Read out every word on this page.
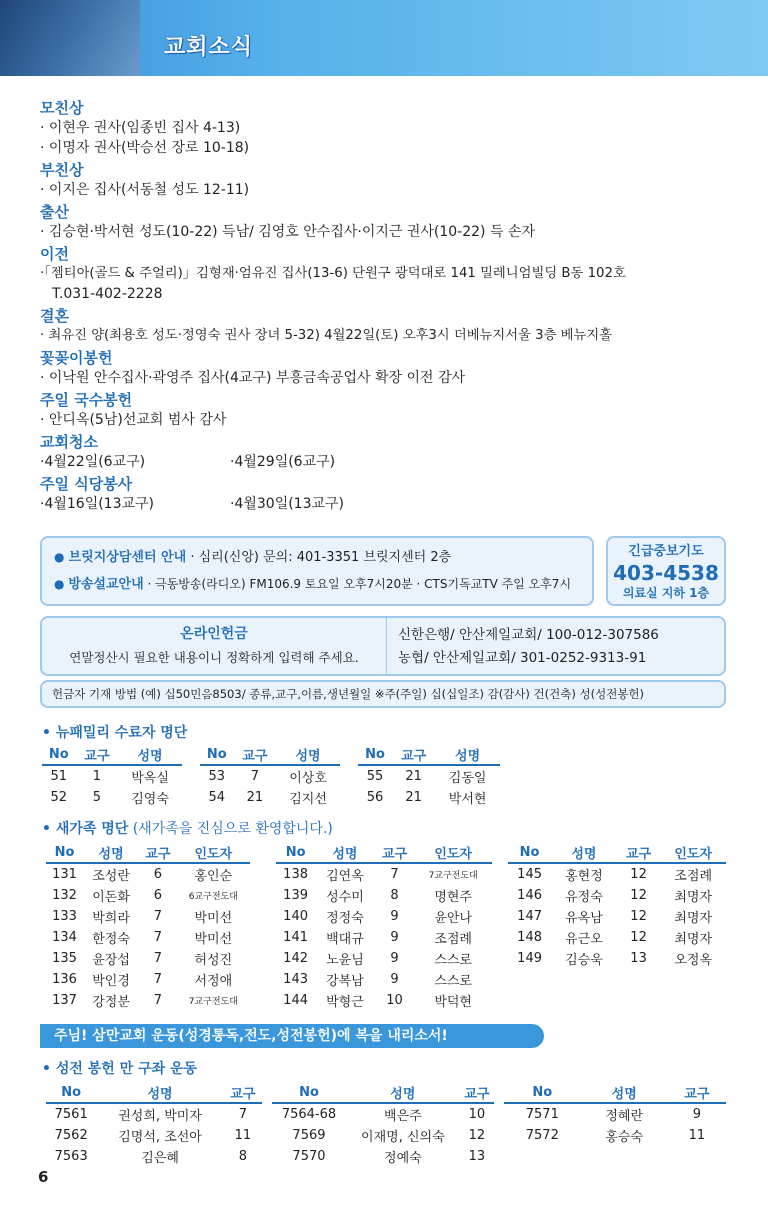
교회소식
모친상
· 이현우 권사(임종빈 집사 4-13)
· 이명자 권사(박승선 장로 10-18)
부친상
· 이지은 집사(서동철 성도 12-11)
출산
· 김승현·박서현 성도(10-22) 득남/ 김영호 안수집사·이지근 권사(10-22) 득 손자
이전
·「젬티아(골드 & 주얼리)」김형재·엄유진 집사(13-6) 단원구 광덕대로 141 밀레니엄빌딩 B동 102호
T.031-402-2228
결혼
· 최유진 양(최용호 성도·정영숙 권사 장녀 5-32) 4월22일(토) 오후3시 더베뉴지서울 3층 베뉴지홀
꽃꽂이봉헌
· 이낙원 안수집사·곽영주 집사(4교구) 부흥금속공업사 확장 이전 감사
주일 국수봉헌
· 안디옥(5남)선교회 범사 감사
교회청소
·4월22일(6교구)	·4월29일(6교구)
주일 식당봉사
·4월16일(13교구)	·4월30일(13교구)
● 브릿지상담센터 안내 · 심리(신앙) 문의: 401-3351 브릿지센터 2층
● 방송설교안내 · 극동방송(라디오) FM106.9 토요일 오후7시20분 · CTS기독교TV 주일 오후7시
긴급중보기도
403-4538
의료실 지하 1층
온라인헌금
연말정산시 필요한 내용이니 정확하게 입력해 주세요.
신한은행/ 안산제일교회/ 100-012-307586
농협/ 안산제일교회/ 301-0252-9313-91
헌금자 기재 방법 (예) 십50민음8503/ 종류,교구,이름,생년월일 ※주(주일) 십(십일조) 감(감사) 건(건축) 성(성전봉헌)
• 뉴패밀리 수료자 명단
No	교구	성명
51	1	박옥실
52	5	김영숙
No	교구	성명
53	7	이상호
54	21	김지선
No	교구	성명
55	21	김동일
56	21	박서현
• 새가족 명단 (새가족을 진심으로 환영합니다.)
No	성명	교구	인도자
131	조성란	6	홍인순
132	이돈화	6	6교구전도대
133	박희라	7	박미선
134	한정숙	7	박미선
135	윤장섭	7	허성진
136	박인경	7	서정애
137	강정분	7	7교구전도대
No	성명	교구	인도자
138	김연옥	7	7교구전도대
139	성수미	8	명현주
140	정정숙	9	윤안나
141	백대규	9	조점례
142	노윤님	9	스스로
143	강복남	9	스스로
144	박형근	10	박덕현
No	성명	교구	인도자
145	홍현정	12	조점례
146	유정숙	12	최명자
147	유옥남	12	최명자
148	유근오	12	최명자
149	김승욱	13	오정옥
주님! 삼만교회 운동(성경통독,전도,성전봉헌)에 복을 내리소서!
• 성전 봉헌 만 구좌 운동
No	성명	교구
7561	권성희, 박미자	7
7562	김명석, 조선아	11
7563	김은혜	8
No	성명	교구
7564-68	백은주	10
7569	이재명, 신의숙	12
7570	정예숙	13
No	성명	교구
7571	정혜란	9
7572	홍승숙	11
6
